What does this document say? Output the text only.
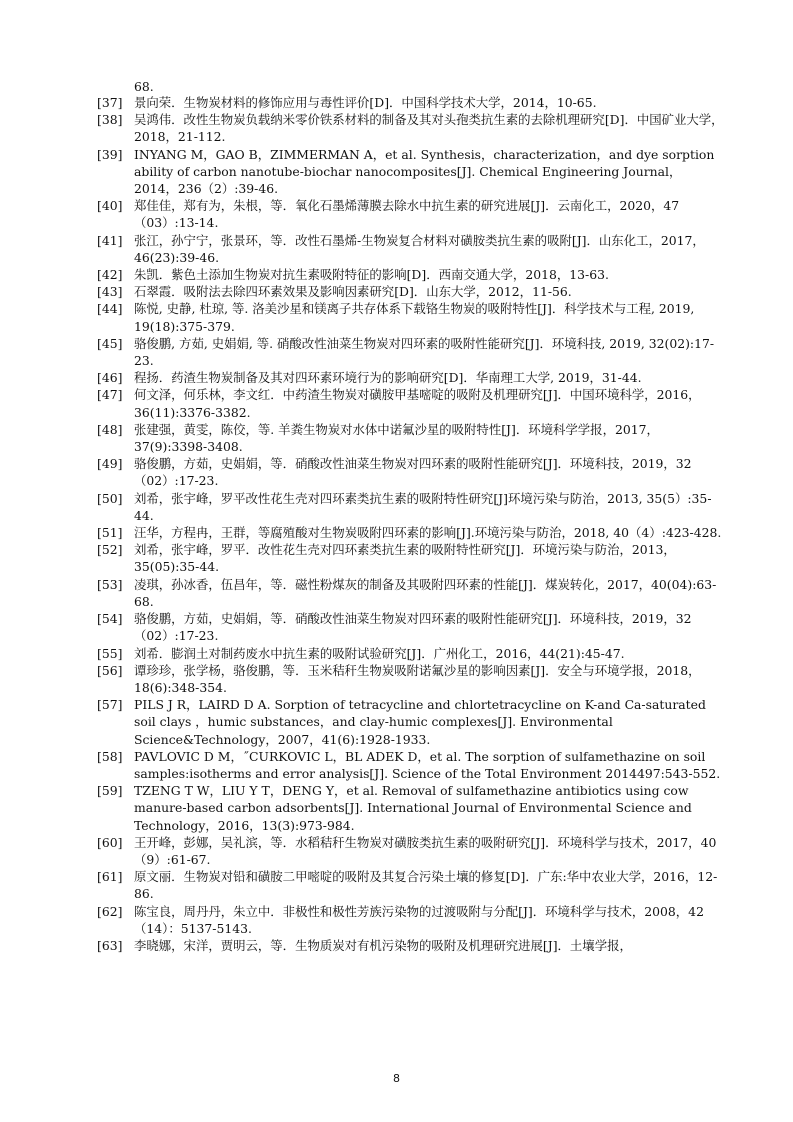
68.
[37] 景向荣．生物炭材料的修饰应用与毒性评价[D]．中国科学技术大学，2014，10-65.
[38] 吴鸿伟．改性生物炭负载纳米零价铁系材料的制备及其对头孢类抗生素的去除机理研究[D]．中国矿业大学，2018，21-112.
[39] INYANG M，GAO B，ZIMMERMAN A，et al. Synthesis，characterization，and dye sorption ability of carbon nanotube-biochar nanocomposites[J]. Chemical Engineering Journal，2014，236（2）:39-46.
[40] 郑佳佳，郑有为，朱根，等．氧化石墨烯薄膜去除水中抗生素的研究进展[J]．云南化工，2020，47（03）:13-14.
[41] 张江，孙宁宁，张景环，等．改性石墨烯-生物炭复合材料对磺胺类抗生素的吸附[J]．山东化工，2017，46(23):39-46.
[42] 朱凯．紫色土添加生物炭对抗生素吸附特征的影响[D]．西南交通大学，2018，13-63.
[43] 石翠霞．吸附法去除四环素效果及影响因素研究[D]．山东大学，2012，11-56.
[44] 陈悦, 史静, 杜琼, 等. 洛美沙星和镁离子共存体系下载铬生物炭的吸附特性[J]．科学技术与工程, 2019, 19(18):375-379.
[45] 骆俊鹏, 方茹, 史娟娟, 等. 硝酸改性油菜生物炭对四环素的吸附性能研究[J]．环境科技, 2019, 32(02):17-23.
[46] 程扬．药渣生物炭制备及其对四环素环境行为的影响研究[D]．华南理工大学, 2019，31-44.
[47] 何文泽，何乐林，李文红．中药渣生物炭对磺胺甲基嘧啶的吸附及机理研究[J]．中国环境科学，2016，36(11):3376-3382.
[48] 张建强，黄雯，陈佼，等. 羊粪生物炭对水体中诺氟沙星的吸附特性[J]．环境科学学报，2017，37(9):3398-3408.
[49] 骆俊鹏，方茹，史娟娟，等．硝酸改性油菜生物炭对四环素的吸附性能研究[J]．环境科技，2019，32（02）:17-23.
[50] 刘希，张宇峰，罗平改性花生壳对四环素类抗生素的吸附特性研究[J]环境污染与防治，2013, 35(5）:35-44.
[51] 汪华，方程冉，王群，等腐殖酸对生物炭吸附四环素的影响[J].环境污染与防治，2018, 40（4）:423-428.
[52] 刘希，张宇峰，罗平．改性花生壳对四环素类抗生素的吸附特性研究[J]．环境污染与防治，2013，35(05):35-44.
[53] 凌琪，孙冰香，伍昌年，等．磁性粉煤灰的制备及其吸附四环素的性能[J]．煤炭转化，2017，40(04):63-68.
[54] 骆俊鹏，方茹，史娟娟，等．硝酸改性油菜生物炭对四环素的吸附性能研究[J]．环境科技，2019，32（02）:17-23.
[55] 刘希．膨润土对制药废水中抗生素的吸附试验研究[J]．广州化工，2016，44(21):45-47.
[56] 谭珍珍，张学杨，骆俊鹏，等．玉米秸秆生物炭吸附诺氟沙星的影响因素[J]．安全与环境学报，2018，18(6):348-354.
[57] PILS J R，LAIRD D A. Sorption of tetracycline and chlortetracycline on K-and Ca-saturated soil clays ，humic substances，and clay-humic complexes[J]. Environmental Science&Technology，2007，41(6):1928-1933.
[58] PAVLOVIC D M，˝CURKOVIC L，BL ADEK D，et al. The sorption of sulfamethazine on soil samples:isotherms and error analysis[J]. Science of the Total Environment 2014497:543-552.
[59] TZENG T W，LIU Y T，DENG Y，et al. Removal of sulfamethazine antibiotics using cow manure-based carbon adsorbents[J]. International Journal of Environmental Science and Technology，2016，13(3):973-984.
[60] 王开峰，彭娜，吴礼滨，等．水稻秸秆生物炭对磺胺类抗生素的吸附研究[J]．环境科学与技术，2017，40（9）:61-67.
[61] 原文丽．生物炭对铅和磺胺二甲嘧啶的吸附及其复合污染土壤的修复[D]．广东:华中农业大学，2016，12-86.
[62] 陈宝良，周丹丹，朱立中．非极性和极性芳族污染物的过渡吸附与分配[J]．环境科学与技术，2008，42（14）：5137-5143.
[63] 李晓娜，宋洋，贾明云，等．生物质炭对有机污染物的吸附及机理研究进展[J]．土壤学报，
8
